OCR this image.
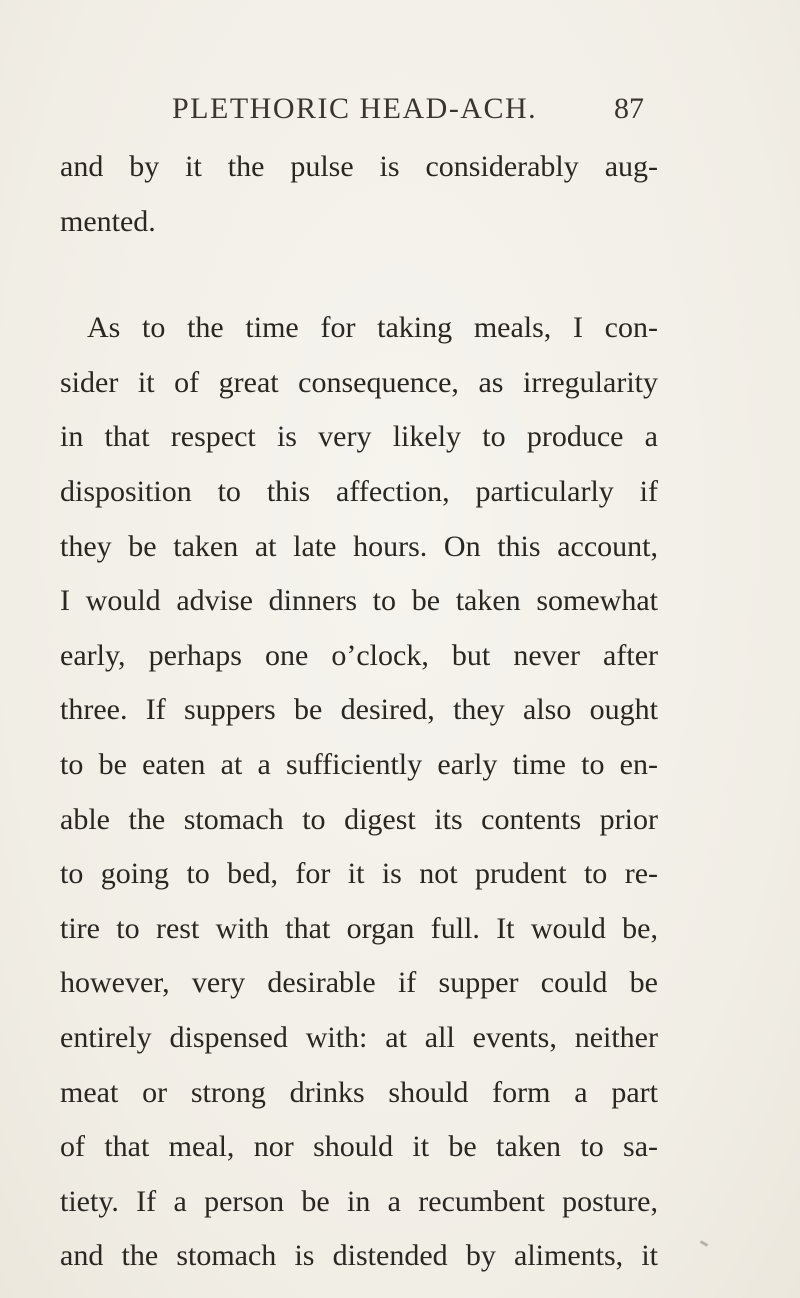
PLETHORIC HEAD-ACH.	87
and by it the pulse is considerably aug-
mented.
As to the time for taking meals, I con-
sider it of great consequence, as irregularity
in that respect is very likely to produce a
disposition to this affection, particularly if
they be taken at late hours. On this account,
I would advise dinners to be taken somewhat
early, perhaps one o’clock, but never after
three. If suppers be desired, they also ought
to be eaten at a sufficiently early time to en-
able the stomach to digest its contents prior
to going to bed, for it is not prudent to re-
tire to rest with that organ full. It would be,
however, very desirable if supper could be
entirely dispensed with: at all events, neither
meat or strong drinks should form a part
of that meal, nor should it be taken to sa-
tiety. If a person be in a recumbent posture,
and the stomach is distended by aliments, it
